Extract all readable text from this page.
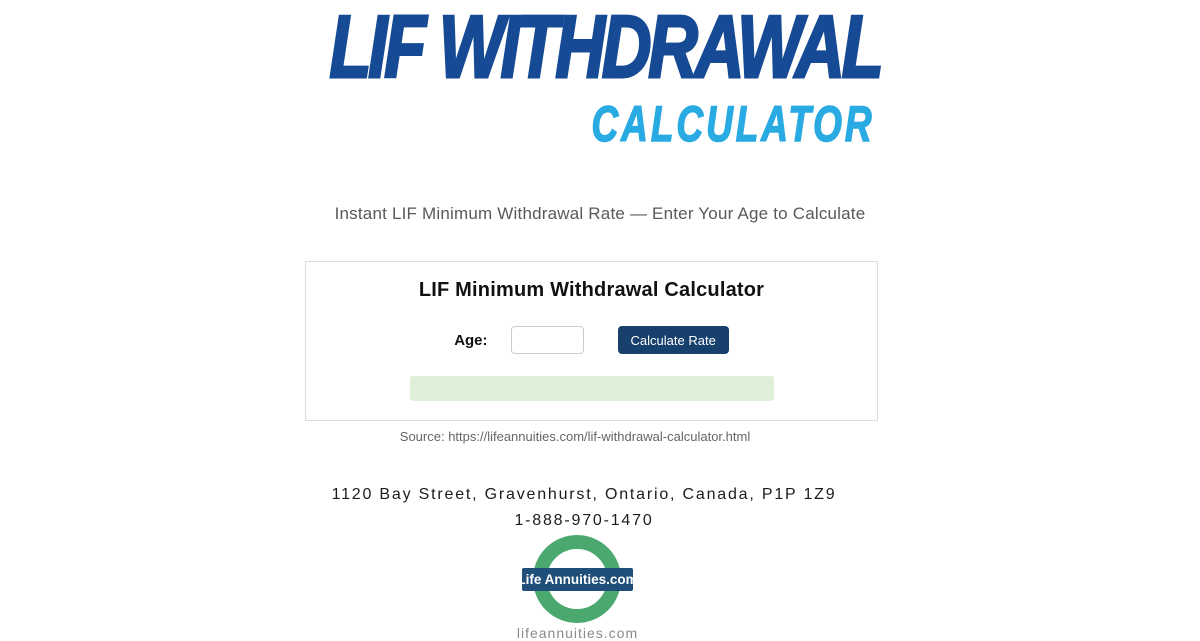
LIF WITHDRAWAL
CALCULATOR
Instant LIF Minimum Withdrawal Rate — Enter Your Age to Calculate
LIF Minimum Withdrawal Calculator
Age:	Calculate Rate
Source: https://lifeannuities.com/lif-withdrawal-calculator.html
1120 Bay Street, Gravenhurst, Ontario, Canada, P1P 1Z9
1-888-970-1470
Life Annuities.com
lifeannuities.com
